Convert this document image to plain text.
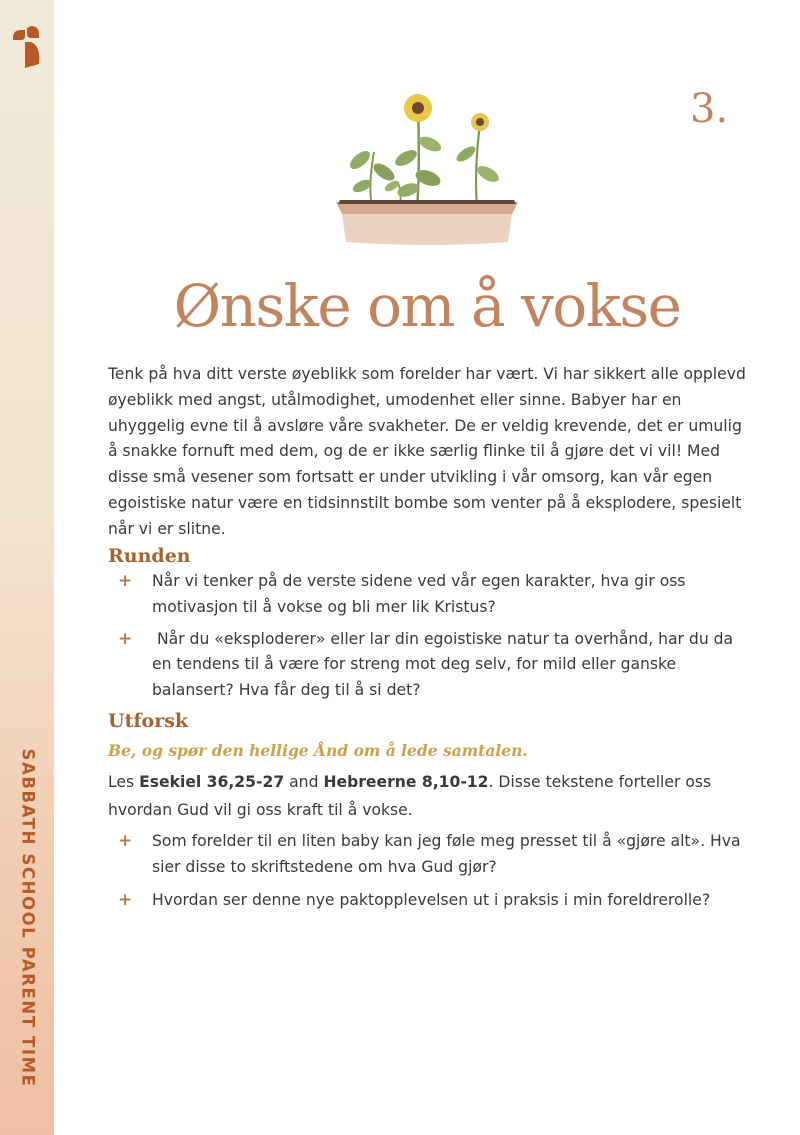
SABBATH SCHOOL PARENT TIME
3.
Ønske om å vokse

Tenk på hva ditt verste øyeblikk som forelder har vært. Vi har sikkert alle opplevd øyeblikk med angst, utålmodighet, umodenhet eller sinne. Babyer har en uhyggelig evne til å avsløre våre svakheter. De er veldig krevende, det er umulig å snakke fornuft med dem, og de er ikke særlig flinke til å gjøre det vi vil! Med disse små vesener som fortsatt er under utvikling i vår omsorg, kan vår egen egoistiske natur være en tidsinnstilt bombe som venter på å eksplodere, spesielt når vi er slitne.

Runden
+ Når vi tenker på de verste sidene ved vår egen karakter, hva gir oss motivasjon til å vokse og bli mer lik Kristus?
+ Når du «eksploderer» eller lar din egoistiske natur ta overhånd, har du da en tendens til å være for streng mot deg selv, for mild eller ganske balansert? Hva får deg til å si det?
Utforsk
Be, og spør den hellige Ånd om å lede samtalen.

Les Esekiel 36,25-27 and Hebreerne 8,10-12. Disse tekstene forteller oss hvordan Gud vil gi oss kraft til å vokse.

+ Som forelder til en liten baby kan jeg føle meg presset til å «gjøre alt». Hva sier disse to skriftstedene om hva Gud gjør?
+ Hvordan ser denne nye paktopplevelsen ut i praksis i min foreldrerolle?
